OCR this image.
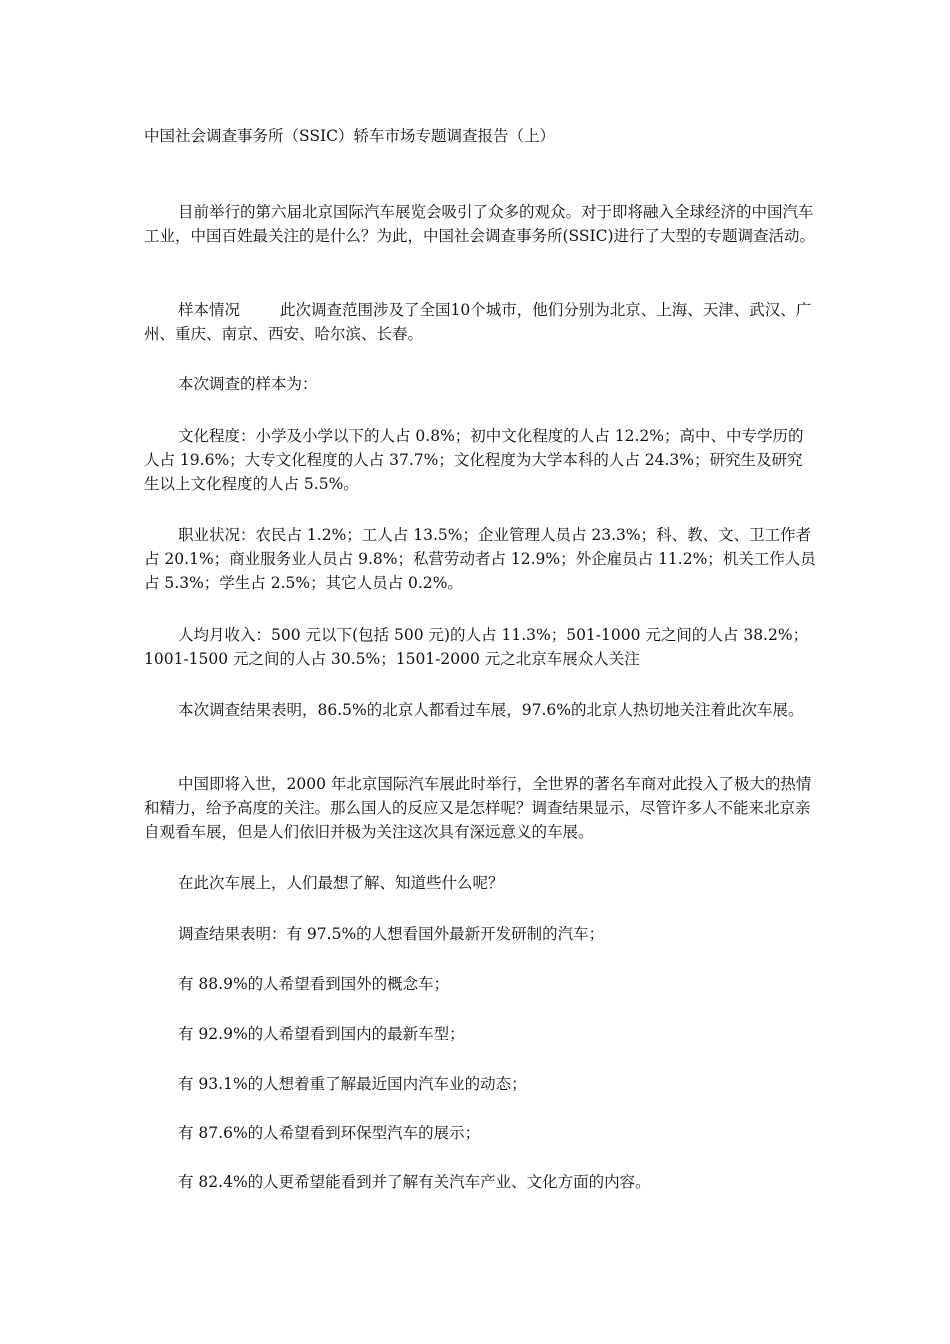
中国社会调查事务所（SSIC）轿车市场专题调查报告（上）

目前举行的第六届北京国际汽车展览会吸引了众多的观众。对于即将融入全球经济的中国汽车工业，中国百姓最关注的是什么？为此，中国社会调查事务所(SSIC)进行了大型的专题调查活动。

样本情况	此次调查范围涉及了全国10个城市，他们分别为北京、上海、天津、武汉、广州、重庆、南京、西安、哈尔滨、长春。

本次调查的样本为：

文化程度：小学及小学以下的人占 0.8%；初中文化程度的人占 12.2%；高中、中专学历的人占 19.6%；大专文化程度的人占 37.7%；文化程度为大学本科的人占 24.3%；研究生及研究生以上文化程度的人占 5.5%。

职业状况：农民占 1.2%；工人占 13.5%；企业管理人员占 23.3%；科、教、文、卫工作者占 20.1%；商业服务业人员占 9.8%；私营劳动者占 12.9%；外企雇员占 11.2%；机关工作人员占 5.3%；学生占 2.5%；其它人员占 0.2%。

人均月收入：500 元以下(包括 500 元)的人占 11.3%；501-1000 元之间的人占 38.2%；1001-1500 元之间的人占 30.5%；1501-2000 元之北京车展众人关注

本次调查结果表明，86.5%的北京人都看过车展，97.6%的北京人热切地关注着此次车展。

中国即将入世，2000 年北京国际汽车展此时举行，全世界的著名车商对此投入了极大的热情和精力，给予高度的关注。那么国人的反应又是怎样呢？调查结果显示，尽管许多人不能来北京亲自观看车展，但是人们依旧并极为关注这次具有深远意义的车展。

在此次车展上，人们最想了解、知道些什么呢？

调查结果表明：有 97.5%的人想看国外最新开发研制的汽车；

有 88.9%的人希望看到国外的概念车；

有 92.9%的人希望看到国内的最新车型；

有 93.1%的人想着重了解最近国内汽车业的动态；

有 87.6%的人希望看到环保型汽车的展示；

有 82.4%的人更希望能看到并了解有关汽车产业、文化方面的内容。
